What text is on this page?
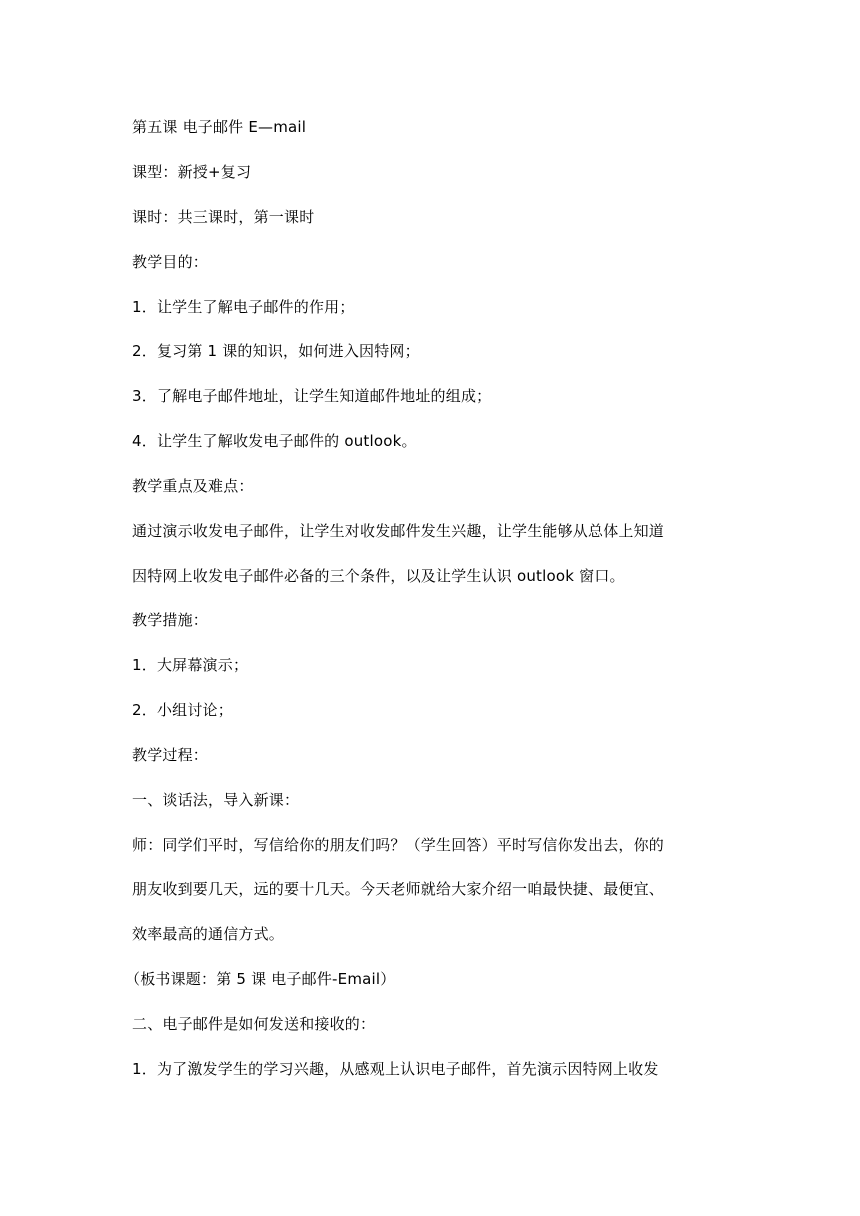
第五课 电子邮件 E—mail
课型：新授+复习
课时：共三课时，第一课时
教学目的：
1．让学生了解电子邮件的作用；
2．复习第 1 课的知识，如何进入因特网；
3．了解电子邮件地址，让学生知道邮件地址的组成；
4．让学生了解收发电子邮件的 outlook。
教学重点及难点：
通过演示收发电子邮件，让学生对收发邮件发生兴趣，让学生能够从总体上知道
因特网上收发电子邮件必备的三个条件，以及让学生认识 outlook 窗口。
教学措施：
1．大屏幕演示；
2．小组讨论；
教学过程：
一、谈话法，导入新课：
师：同学们平时，写信给你的朋友们吗？（学生回答）平时写信你发出去，你的
朋友收到要几天，远的要十几天。今天老师就给大家介绍一咱最快捷、最便宜、
效率最高的通信方式。
（板书课题：第 5 课 电子邮件-Email）
二、电子邮件是如何发送和接收的：
1．为了激发学生的学习兴趣，从感观上认识电子邮件，首先演示因特网上收发
